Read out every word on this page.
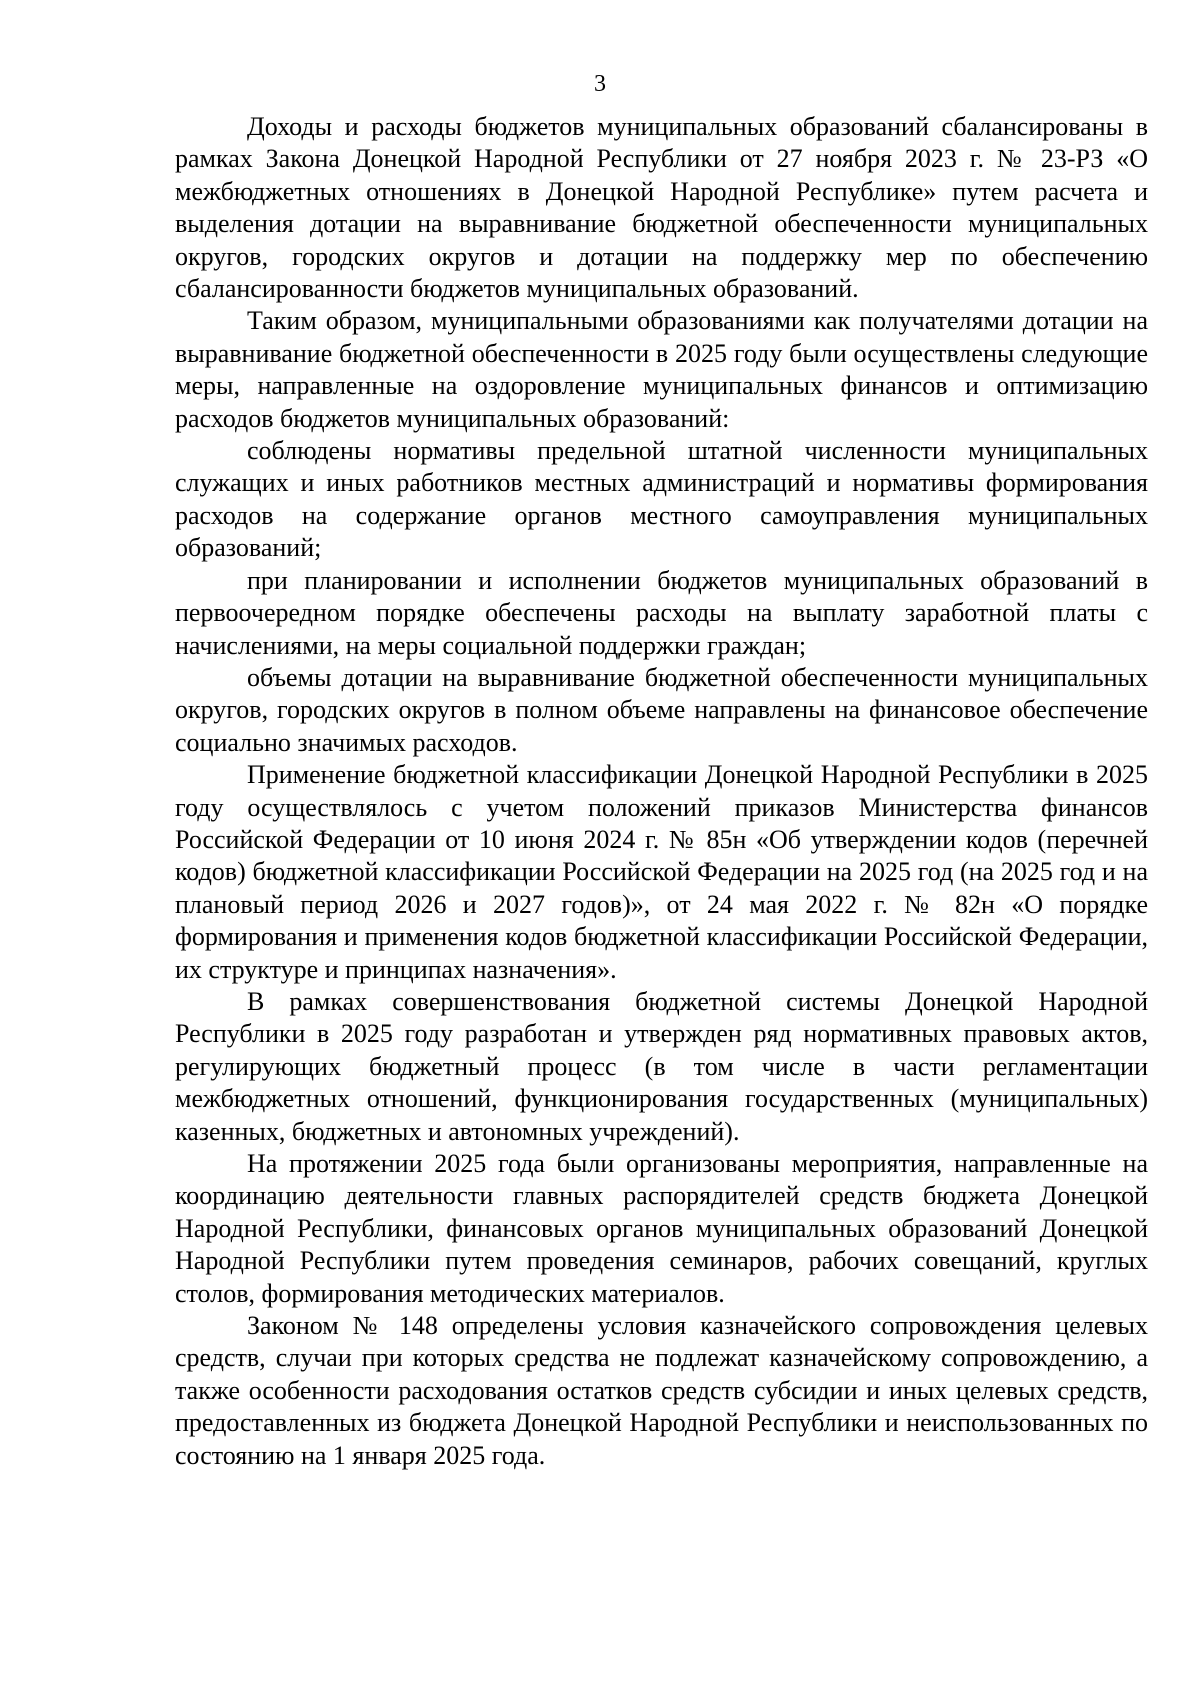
3

Доходы и расходы бюджетов муниципальных образований сбалансированы в рамках Закона Донецкой Народной Республики от 27 ноября 2023 г. № 23-РЗ «О межбюджетных отношениях в Донецкой Народной Республике» путем расчета и выделения дотации на выравнивание бюджетной обеспеченности муниципальных округов, городских округов и дотации на поддержку мер по обеспечению сбалансированности бюджетов муниципальных образований.

Таким образом, муниципальными образованиями как получателями дотации на выравнивание бюджетной обеспеченности в 2025 году были осуществлены следующие меры, направленные на оздоровление муниципальных финансов и оптимизацию расходов бюджетов муниципальных образований:

соблюдены нормативы предельной штатной численности муниципальных служащих и иных работников местных администраций и нормативы формирования расходов на содержание органов местного самоуправления муниципальных образований;

при планировании и исполнении бюджетов муниципальных образований в первоочередном порядке обеспечены расходы на выплату заработной платы с начислениями, на меры социальной поддержки граждан;

объемы дотации на выравнивание бюджетной обеспеченности муниципальных округов, городских округов в полном объеме направлены на финансовое обеспечение социально значимых расходов.

Применение бюджетной классификации Донецкой Народной Республики в 2025 году осуществлялось с учетом положений приказов Министерства финансов Российской Федерации от 10 июня 2024 г. № 85н «Об утверждении кодов (перечней кодов) бюджетной классификации Российской Федерации на 2025 год (на 2025 год и на плановый период 2026 и 2027 годов)», от 24 мая 2022 г. № 82н «О порядке формирования и применения кодов бюджетной классификации Российской Федерации, их структуре и принципах назначения».

В рамках совершенствования бюджетной системы Донецкой Народной Республики в 2025 году разработан и утвержден ряд нормативных правовых актов, регулирующих бюджетный процесс (в том числе в части регламентации межбюджетных отношений, функционирования государственных (муниципальных) казенных, бюджетных и автономных учреждений).

На протяжении 2025 года были организованы мероприятия, направленные на координацию деятельности главных распорядителей средств бюджета Донецкой Народной Республики, финансовых органов муниципальных образований Донецкой Народной Республики путем проведения семинаров, рабочих совещаний, круглых столов, формирования методических материалов.

Законом № 148 определены условия казначейского сопровождения целевых средств, случаи при которых средства не подлежат казначейскому сопровождению, а также особенности расходования остатков средств субсидии и иных целевых средств, предоставленных из бюджета Донецкой Народной Республики и неиспользованных по состоянию на 1 января 2025 года.
